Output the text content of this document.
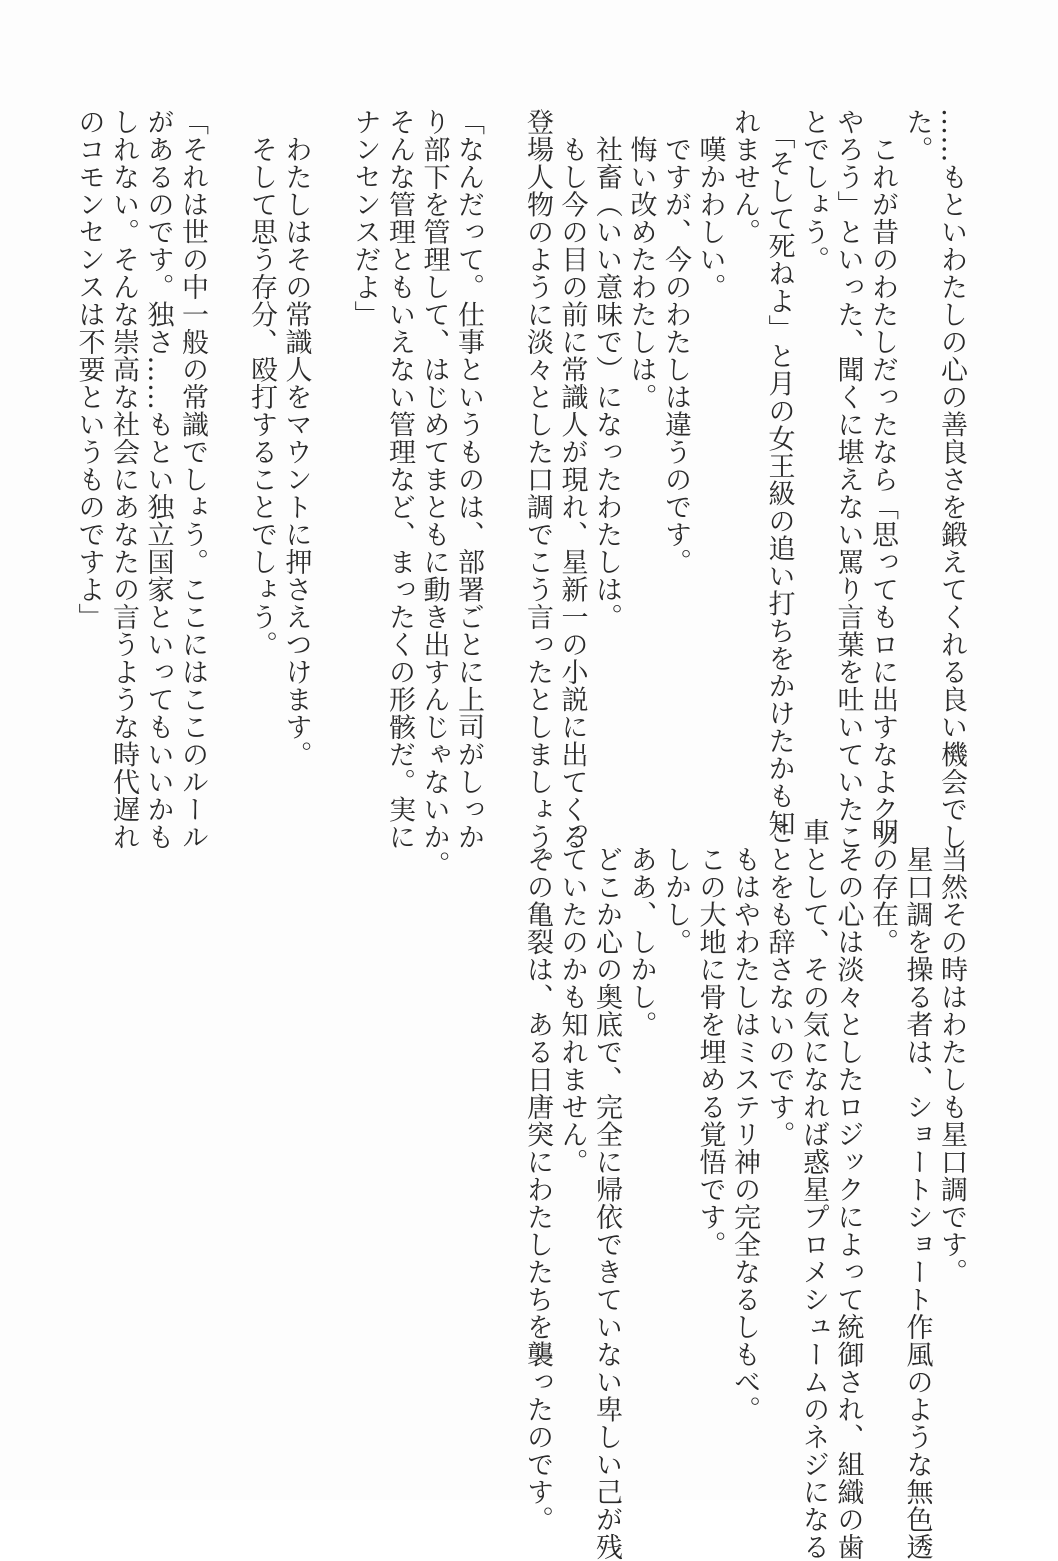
……もといわたしの心の善良さを鍛えてくれる良い機会でし
た。
　これが昔のわたしだったなら「思ってもロに出すなよクソ
やろう」といった、聞くに堪えない罵り言葉を吐いていたこ
とでしょう。
　「そして死ねよ」と月の女王級の追い打ちをかけたかも知
れません。
　嘆かわしい。
　ですが、今のわたしは違うのです。
　悔い改めたわたしは。
　社畜（いい意味で）になったわたしは。
　もし今の目の前に常識人が現れ、星新一の小説に出てくる
登場人物のように淡々とした口調でこう言ったとしましょう。

「なんだって。仕事というものは、部署ごとに上司がしっか
り部下を管理して、はじめてまともに動き出すんじゃないか。
そんな管理ともいえない管理など、まったくの形骸だ。実に
ナンセンスだよ」

　わたしはその常識人をマウントに押さえつけます。
　そして思う存分、殴打することでしょう。

「それは世の中一般の常識でしょう。ここにはここのルール
があるのです。独さ……もとい独立国家といってもいいかも
しれない。そんな崇高な社会にあなたの言うような時代遅れ
のコモンセンスは不要というものですよ」
　当然その時はわたしも星口調です。
　星口調を操る者は、ショートショート作風のような無色透
明の存在。
　その心は淡々としたロジックによって統御され、組織の歯
車として、その気になれば惑星プロメシュームのネジになる
ことをも辞さないのです。
　もはやわたしはミステリ神の完全なるしもべ。
　この大地に骨を埋める覚悟です。
　しかし。
　ああ、しかし。
　どこか心の奥底で、完全に帰依できていない卑しい己が残
っていたのかも知れません。
　その亀裂は、ある日唐突にわたしたちを襲ったのです。
